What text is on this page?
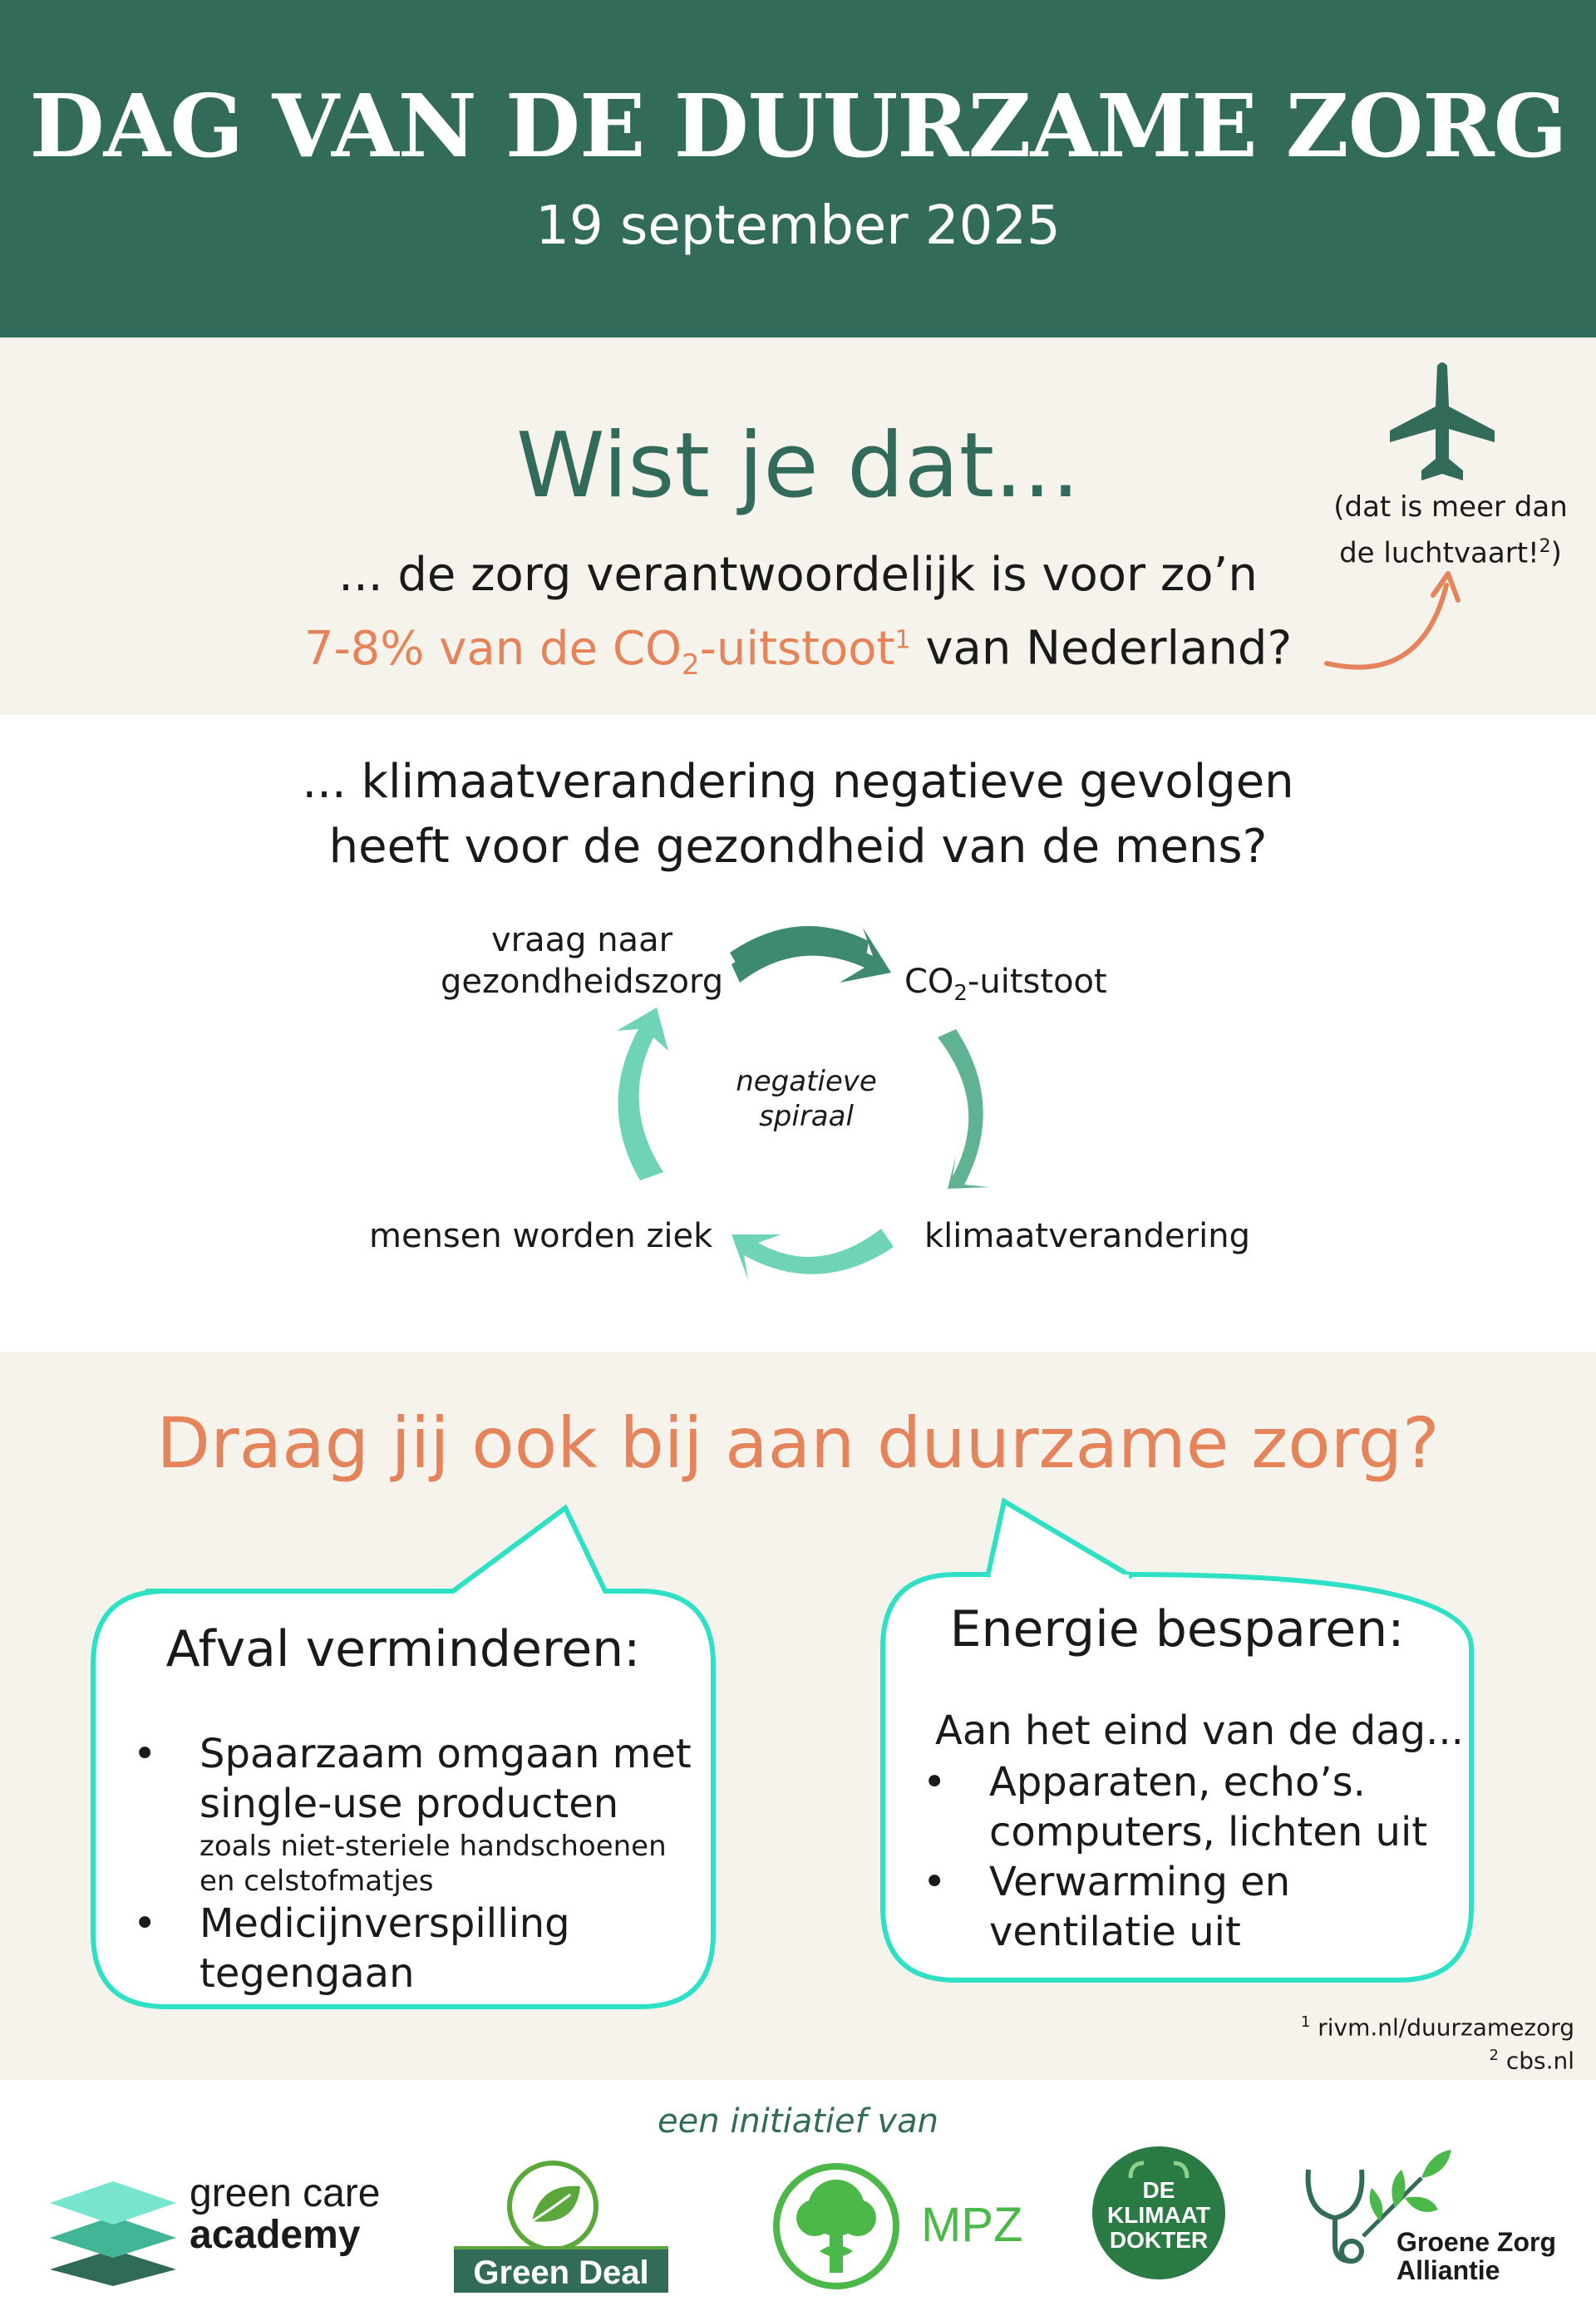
DAG VAN DE DUURZAME ZORG
19 september 2025
Wist je dat...
... de zorg verantwoordelijk is voor zo’n
7-8% van de $CO_2-uitstoot^1$ van Nederland?
(dat is meer dan
de luchtvaart!$^2$)
... klimaatverandering negatieve gevolgen
heeft voor de gezondheid van de mens?
vraag naar
gezondheidszorg	$CO_2$-uitstoot
klimaatverandering
mensen worden ziek
negatieve
spiraal
Draag jij ook bij aan duurzame zorg?
Afval verminderen:
• Spaarzaam omgaan met
single-use producten
zoals niet-steriele handschoenen
en celstofmatjes
• Medicijnverspilling
tegengaan
Energie besparen:
Aan het eind van de dag...
• Apparaten, echo’s.
computers, lichten uit
• Verwarming en
ventilatie uit
$^1$ rivm.nl/duurzamezorg
$^2$ cbs.nl
een initiatief van
green care
academy
Green Deal
MPZ
DE
KLIMAAT
DOKTER	Groene Zorg
Alliantie
